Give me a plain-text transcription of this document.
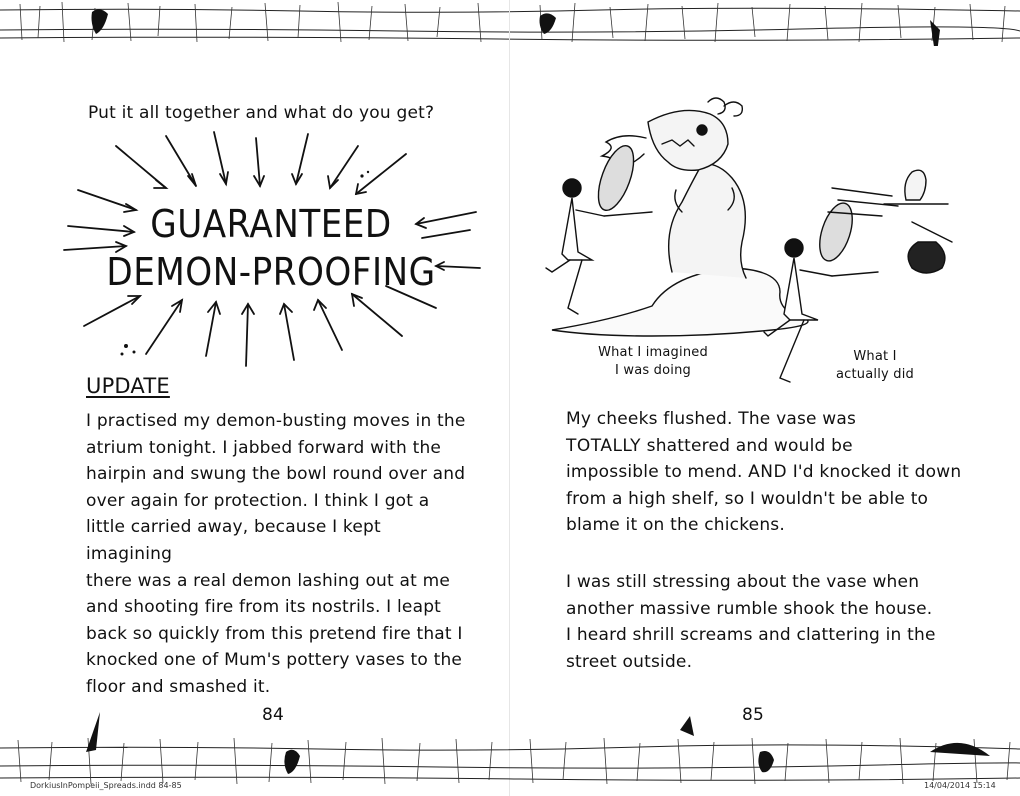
Put it all together and what do you get?
GUARANTEED
DEMON-PROOFING
UPDATE
I practised my demon-busting moves in the
atrium tonight. I jabbed forward with the
hairpin and swung the bowl round over and
over again for protection. I think I got a
little carried away, because I kept imagining
there was a real demon lashing out at me
and shooting fire from its nostrils. I leapt
back so quickly from this pretend fire that I
knocked one of Mum's pottery vases to the
floor and smashed it.
84
What I imagined I was doing
What I actually did
My cheeks flushed. The vase was
TOTALLY shattered and would be
impossible to mend. AND I'd knocked it down
from a high shelf, so I wouldn't be able to
blame it on the chickens.
I was still stressing about the vase when
another massive rumble shook the house.
I heard shrill screams and clattering in the
street outside.
85
DorkiusInPompeii_Spreads.indd 84-85	14/04/2014 15:14
